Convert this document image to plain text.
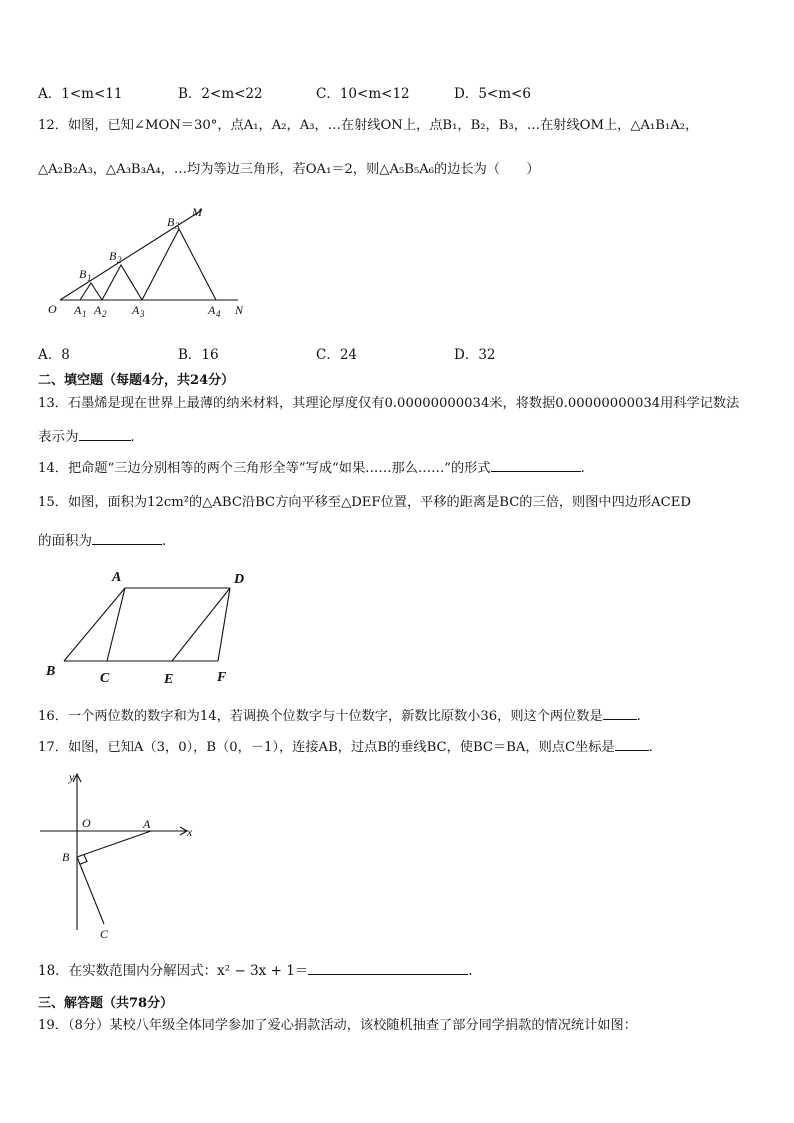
A．1<m<11	B．2<m<22	C．10<m<12	D．5<m<6
12．如图，已知∠MON＝30°，点A₁，A₂，A₃，…在射线ON上，点B₁，B₂，B₃，…在射线OM上，△A₁B₁A₂，
△A₂B₂A₃，△A₃B₃A₄，…均为等边三角形，若OA₁＝2，则△A₅B₅A₆的边长为（　　）
O
M
N
A 1 A 2 A 3	A 4
B 1
B 2
B 3
A．8	B．16	C．24	D．32
二、填空题（每题4分，共24分）
13．石墨烯是现在世界上最薄的纳米材料，其理论厚度仅有0.00000000034米，将数据0.00000000034用科学记数法
表示为	．
14．把命题“三边分别相等的两个三角形全等”写成“如果……那么……”的形式	.
15．如图，面积为12cm²的△ABC沿BC方向平移至△DEF位置，平移的距离是BC的三倍，则图中四边形ACED
的面积为	．
A	D
B	C	E	F
16．一个两位数的数字和为14，若调换个位数字与十位数字，新数比原数小36，则这个两位数是	.
17．如图，已知A（3，0），B（0，－1），连接AB，过点B的垂线BC，使BC＝BA，则点C坐标是	.
y
x
O	A
B
C
18．在实数范围内分解因式：x² − 3x + 1＝	.
三、解答题（共78分）
19．（8分）某校八年级全体同学参加了爱心捐款活动，该校随机抽查了部分同学捐款的情况统计如图：
